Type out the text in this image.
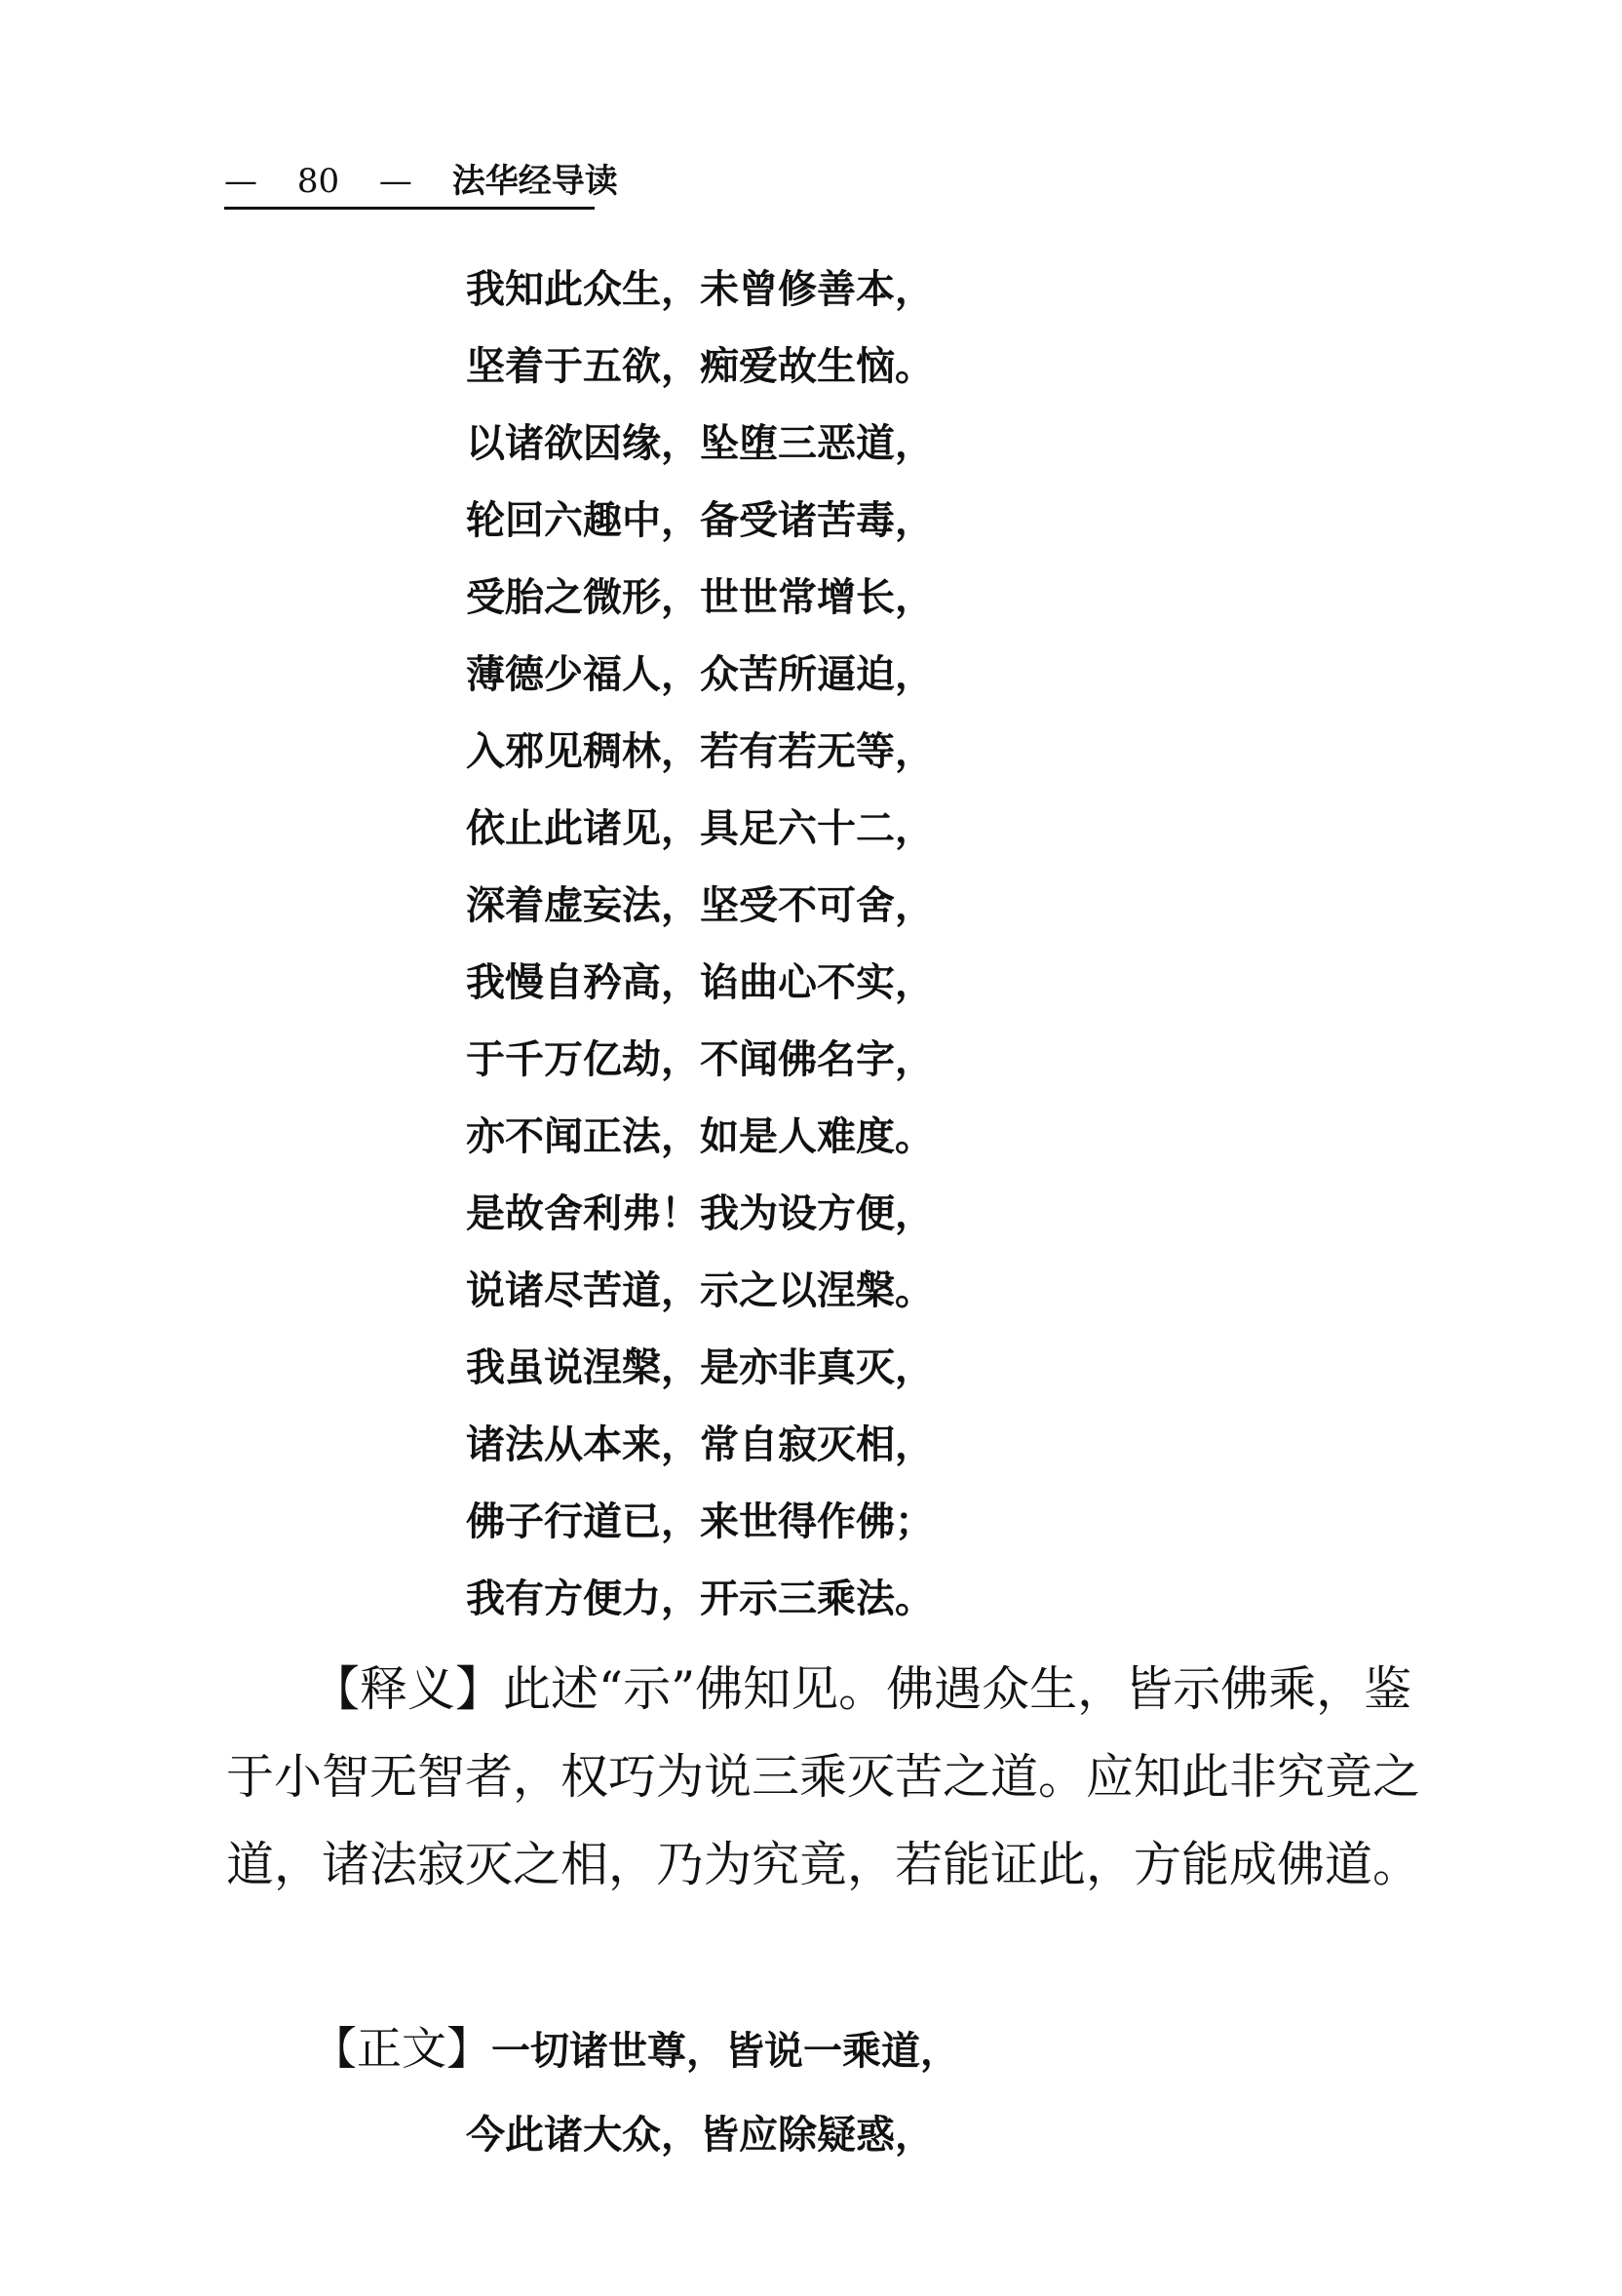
— 80 — 法华经导读
我知此众生，未曾修善本，
坚着于五欲，痴爱故生恼。
以诸欲因缘，坠堕三恶道，
轮回六趣中，备受诸苦毒，
受胎之微形，世世常增长，
薄德少福人，众苦所逼迫，
入邪见稠林，若有若无等，
依止此诸见，具足六十二，
深着虚妄法，坚受不可舍，
我慢自矜高，谄曲心不实，
于千万亿劫，不闻佛名字，
亦不闻正法，如是人难度。
是故舍利弗！我为设方便，
说诸尽苦道，示之以涅槃。
我虽说涅槃，是亦非真灭，
诸法从本来，常自寂灭相，
佛子行道已，来世得作佛；
我有方便力，开示三乘法。
【释义】此述“示”佛知见。佛遇众生，皆示佛乘，鉴于小智无智者，权巧为说三乘灭苦之道。应知此非究竟之道，诸法寂灭之相，乃为究竟，若能证此，方能成佛道。
【正文】一切诸世尊，皆说一乘道，
今此诸大众，皆应除疑惑，
